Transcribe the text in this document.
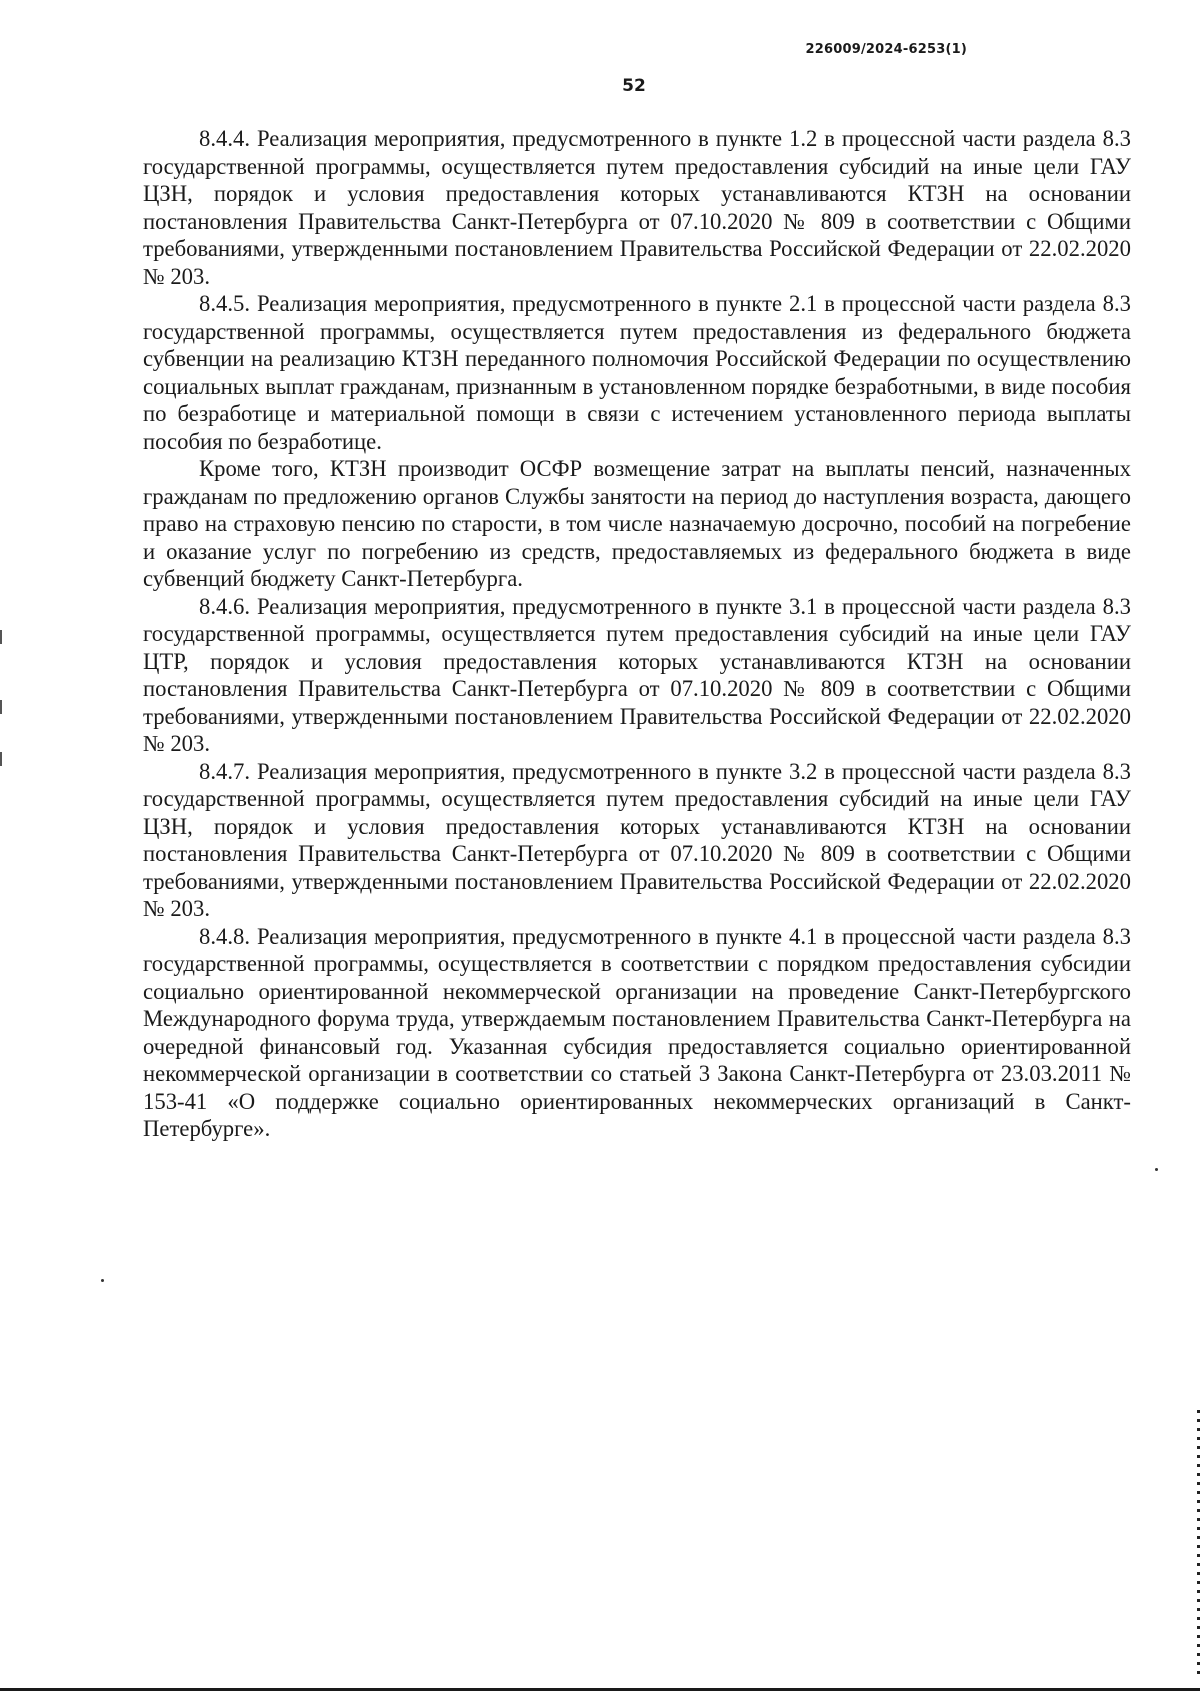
226009/2024-6253(1)
52

8.4.4. Реализация мероприятия, предусмотренного в пункте 1.2 в процессной части раздела 8.3 государственной программы, осуществляется путем предоставления субсидий на иные цели ГАУ ЦЗН, порядок и условия предоставления которых устанавливаются КТЗН на основании постановления Правительства Санкт-Петербурга от 07.10.2020 № 809 в соответствии с Общими требованиями, утвержденными постановлением Правительства Российской Федерации от 22.02.2020 № 203.

8.4.5. Реализация мероприятия, предусмотренного в пункте 2.1 в процессной части раздела 8.3 государственной программы, осуществляется путем предоставления из федерального бюджета субвенции на реализацию КТЗН переданного полномочия Российской Федерации по осуществлению социальных выплат гражданам, признанным в установленном порядке безработными, в виде пособия по безработице и материальной помощи в связи с истечением установленного периода выплаты пособия по безработице.

Кроме того, КТЗН производит ОСФР возмещение затрат на выплаты пенсий, назначенных гражданам по предложению органов Службы занятости на период до наступления возраста, дающего право на страховую пенсию по старости, в том числе назначаемую досрочно, пособий на погребение и оказание услуг по погребению из средств, предоставляемых из федерального бюджета в виде субвенций бюджету Санкт-Петербурга.

8.4.6. Реализация мероприятия, предусмотренного в пункте 3.1 в процессной части раздела 8.3 государственной программы, осуществляется путем предоставления субсидий на иные цели ГАУ ЦТР, порядок и условия предоставления которых устанавливаются КТЗН на основании постановления Правительства Санкт-Петербурга от 07.10.2020 № 809 в соответствии с Общими требованиями, утвержденными постановлением Правительства Российской Федерации от 22.02.2020 № 203.

8.4.7. Реализация мероприятия, предусмотренного в пункте 3.2 в процессной части раздела 8.3 государственной программы, осуществляется путем предоставления субсидий на иные цели ГАУ ЦЗН, порядок и условия предоставления которых устанавливаются КТЗН на основании постановления Правительства Санкт-Петербурга от 07.10.2020 № 809 в соответствии с Общими требованиями, утвержденными постановлением Правительства Российской Федерации от 22.02.2020 № 203.

8.4.8. Реализация мероприятия, предусмотренного в пункте 4.1 в процессной части раздела 8.3 государственной программы, осуществляется в соответствии с порядком предоставления субсидии социально ориентированной некоммерческой организации на проведение Санкт-Петербургского Международного форума труда, утверждаемым постановлением Правительства Санкт-Петербурга на очередной финансовый год. Указанная субсидия предоставляется социально ориентированной некоммерческой организации в соответствии со статьей 3 Закона Санкт-Петербурга от 23.03.2011 № 153-41 «О поддержке социально ориентированных некоммерческих организаций в Санкт-Петербурге».
